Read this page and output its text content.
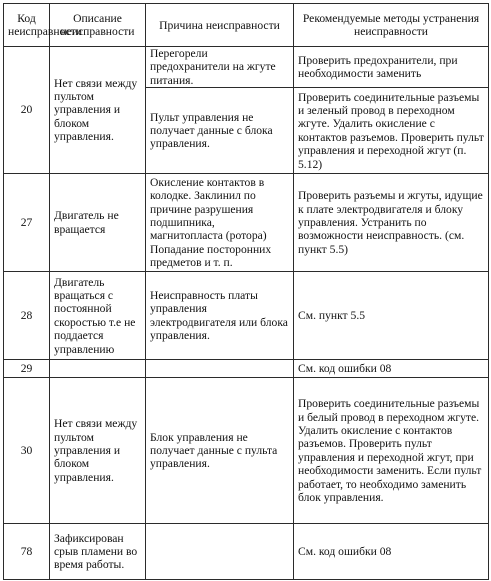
Код неисправности	Описание неисправности	Причина неисправности	Рекомендуемые методы устранения неисправности
20	Нет связи между пультом управления и блоком управления.	Перегорели предохранители на жгуте питания.	Проверить предохранители, при необходимости заменить
		Пульт управления не получает данные с блока управления.	Проверить соединительные разъемы и зеленый провод в переходном жгуте. Удалить окисление с контактов разъемов. Проверить пульт управления и переходной жгут (п. 5.12)
27	Двигатель не вращается	Окисление контактов в колодке. Заклинил по причине разрушения подшипника, магнитопласта (ротора) Попадание посторонних предметов и т. п.	Проверить разъемы и жгуты, идущие к плате электродвигателя и блоку управления. Устранить по возможности неисправность. (см. пункт 5.5)
28	Двигатель вращаться с постоянной скоростью т.е не поддается управлению	Неисправность платы управления электродвигателя или блока управления.	См. пункт 5.5
29			См. код ошибки 08
30	Нет связи между пультом управления и блоком управления.	Блок управления не получает данные с пульта управления.	Проверить соединительные разъемы и белый провод в переходном жгуте. Удалить окисление с контактов разъемов. Проверить пульт управления и переходной жгут, при необходимости заменить. Если пульт работает, то необходимо заменить блок управления.
78	Зафиксирован срыв пламени во время работы.		См. код ошибки 08
